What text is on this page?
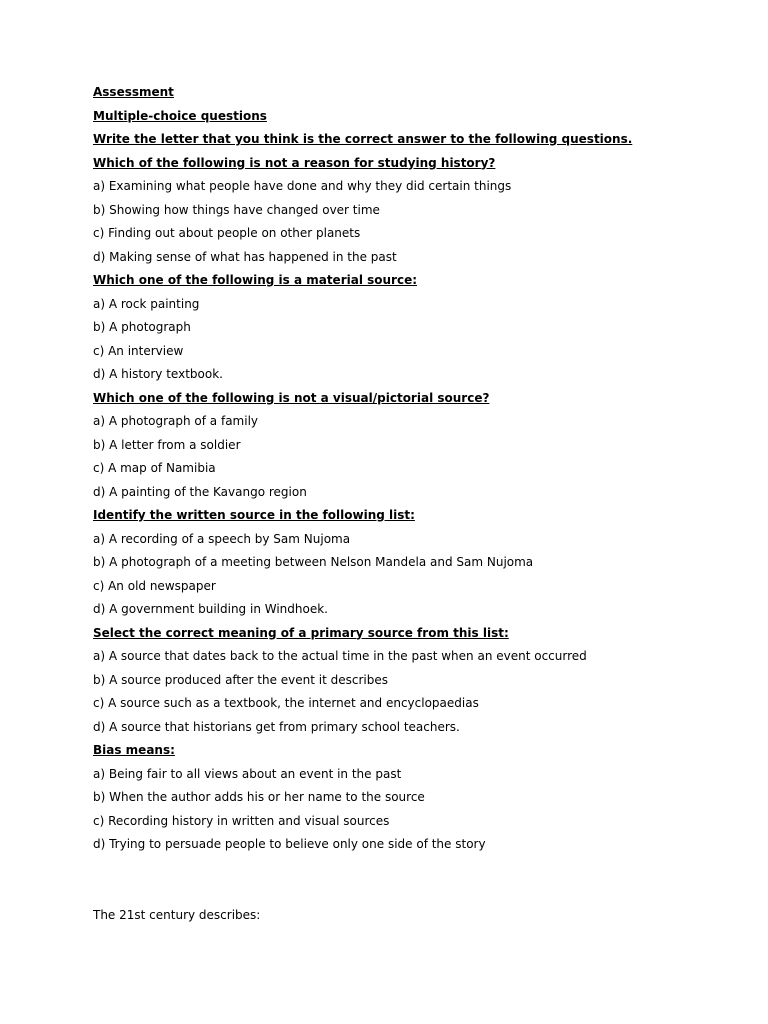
Assessment
Multiple-choice questions
Write the letter that you think is the correct answer to the following questions.
Which of the following is not a reason for studying history?
a) Examining what people have done and why they did certain things
b) Showing how things have changed over time
c) Finding out about people on other planets
d) Making sense of what has happened in the past
Which one of the following is a material source:
a) A rock painting
b) A photograph
c) An interview
d) A history textbook.
Which one of the following is not a visual/pictorial source?
a) A photograph of a family
b) A letter from a soldier
c) A map of Namibia
d) A painting of the Kavango region
Identify the written source in the following list:
a) A recording of a speech by Sam Nujoma
b) A photograph of a meeting between Nelson Mandela and Sam Nujoma
c) An old newspaper
d) A government building in Windhoek.
Select the correct meaning of a primary source from this list:
a) A source that dates back to the actual time in the past when an event occurred
b) A source produced after the event it describes
c) A source such as a textbook, the internet and encyclopaedias
d) A source that historians get from primary school teachers.
Bias means:
a) Being fair to all views about an event in the past
b) When the author adds his or her name to the source
c) Recording history in written and visual sources
d) Trying to persuade people to believe only one side of the story
The 21st century describes:
